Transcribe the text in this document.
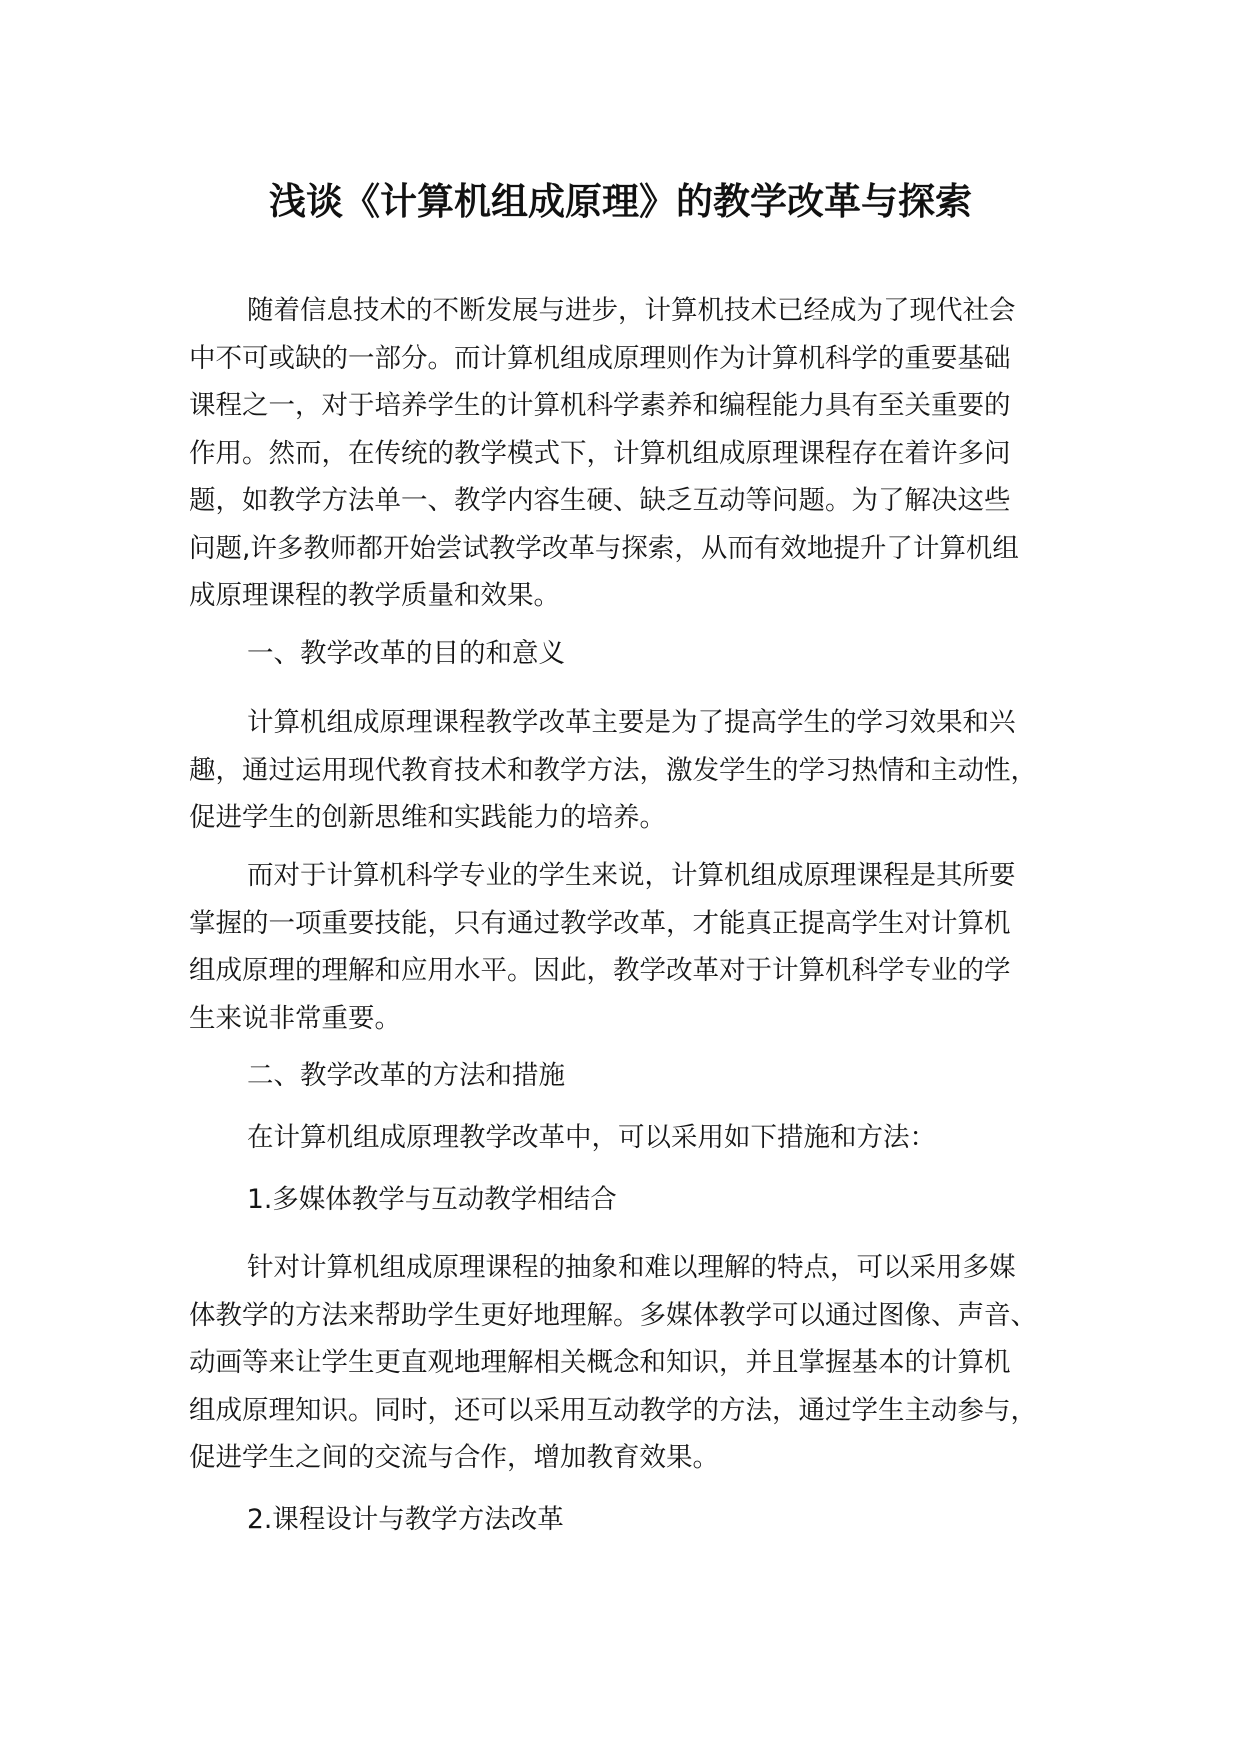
浅谈《计算机组成原理》的教学改革与探索

随着信息技术的不断发展与进步，计算机技术已经成为了现代社会
中不可或缺的一部分。而计算机组成原理则作为计算机科学的重要基础
课程之一，对于培养学生的计算机科学素养和编程能力具有至关重要的
作用。然而，在传统的教学模式下，计算机组成原理课程存在着许多问
题，如教学方法单一、教学内容生硬、缺乏互动等问题。为了解决这些
问题,许多教师都开始尝试教学改革与探索，从而有效地提升了计算机组
成原理课程的教学质量和效果。

一、教学改革的目的和意义

计算机组成原理课程教学改革主要是为了提高学生的学习效果和兴
趣，通过运用现代教育技术和教学方法，激发学生的学习热情和主动性，
促进学生的创新思维和实践能力的培养。

而对于计算机科学专业的学生来说，计算机组成原理课程是其所要
掌握的一项重要技能，只有通过教学改革，才能真正提高学生对计算机
组成原理的理解和应用水平。因此，教学改革对于计算机科学专业的学
生来说非常重要。

二、教学改革的方法和措施

在计算机组成原理教学改革中，可以采用如下措施和方法：

1.多媒体教学与互动教学相结合

针对计算机组成原理课程的抽象和难以理解的特点，可以采用多媒
体教学的方法来帮助学生更好地理解。多媒体教学可以通过图像、声音、
动画等来让学生更直观地理解相关概念和知识，并且掌握基本的计算机
组成原理知识。同时，还可以采用互动教学的方法，通过学生主动参与，
促进学生之间的交流与合作，增加教育效果。

2.课程设计与教学方法改革
